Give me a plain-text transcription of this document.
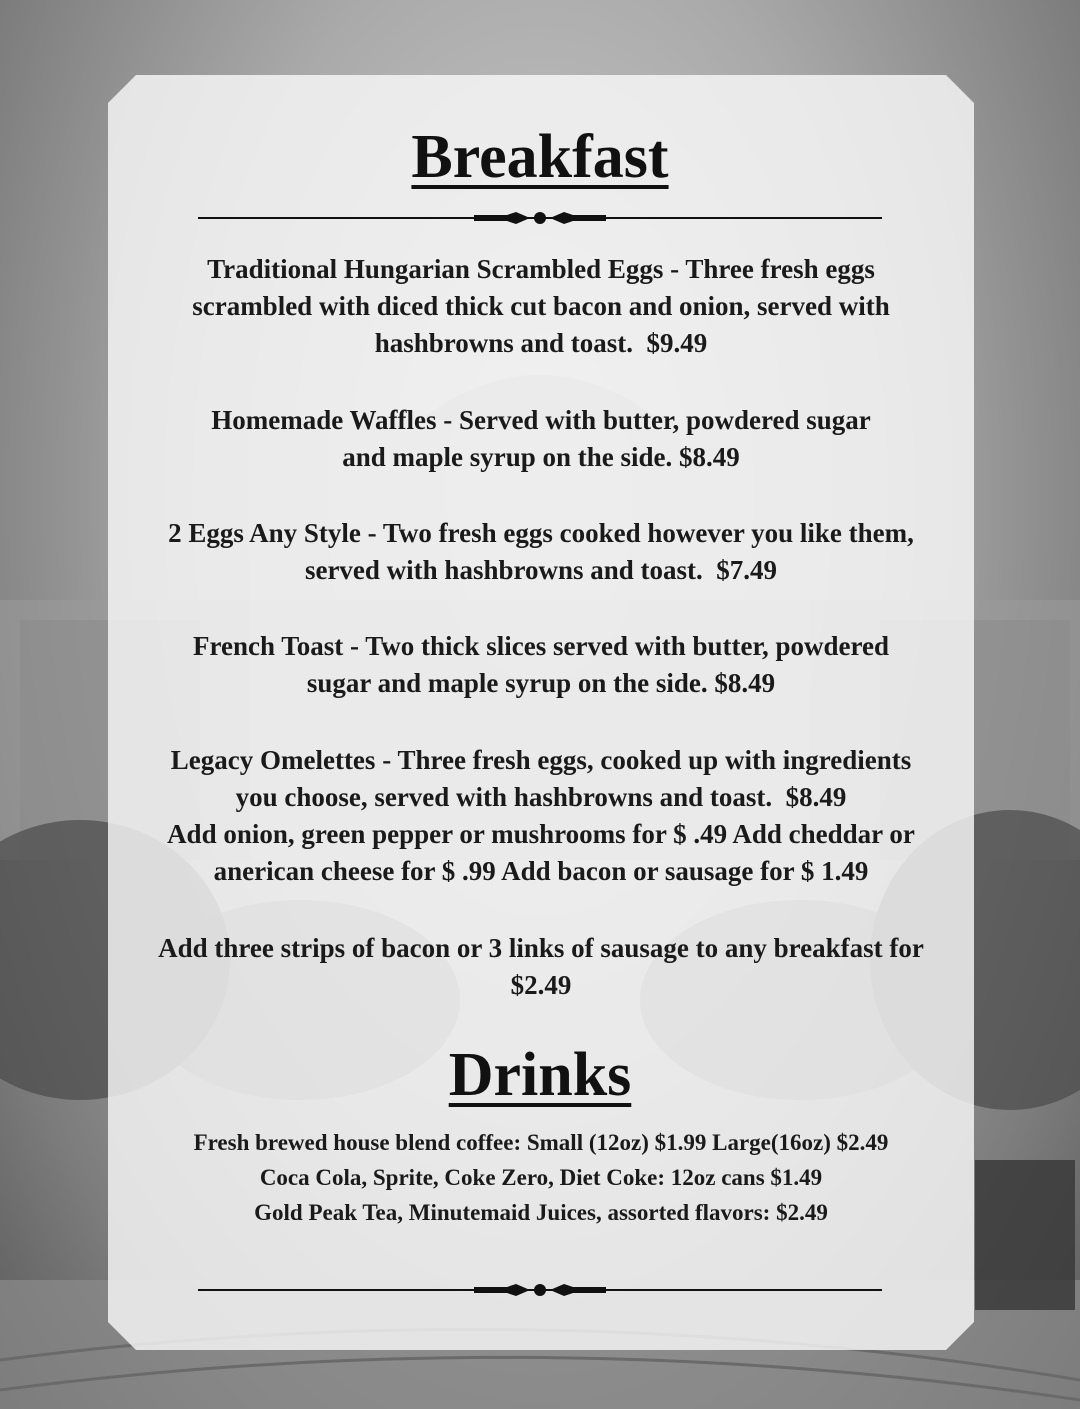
Breakfast

Traditional Hungarian Scrambled Eggs - Three fresh eggs
scrambled with diced thick cut bacon and onion, served with
hashbrowns and toast. $9.49

Homemade Waffles - Served with butter, powdered sugar
and maple syrup on the side. $8.49

2 Eggs Any Style - Two fresh eggs cooked however you like them,
served with hashbrowns and toast. $7.49

French Toast - Two thick slices served with butter, powdered
sugar and maple syrup on the side. $8.49

Legacy Omelettes - Three fresh eggs, cooked up with ingredients
you choose, served with hashbrowns and toast. $8.49
Add onion, green pepper or mushrooms for $ .49 Add cheddar or
anerican cheese for $ .99 Add bacon or sausage for $ 1.49

Add three strips of bacon or 3 links of sausage to any breakfast for
$2.49

Drinks

Fresh brewed house blend coffee: Small (12oz) $1.99 Large(16oz) $2.49
Coca Cola, Sprite, Coke Zero, Diet Coke: 12oz cans $1.49
Gold Peak Tea, Minutemaid Juices, assorted flavors: $2.49
